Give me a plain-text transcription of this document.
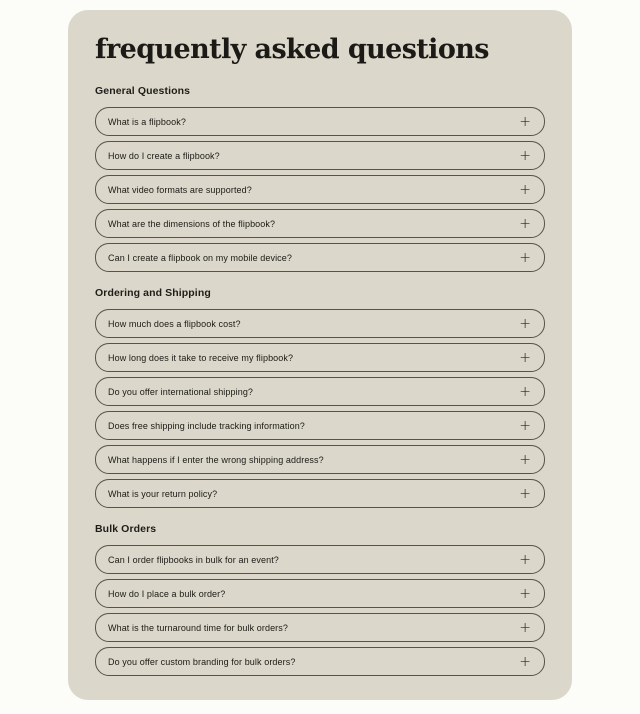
frequently asked questions
General Questions
What is a flipbook?	+
How do I create a flipbook?	+
What video formats are supported?	+
What are the dimensions of the flipbook?	+
Can I create a flipbook on my mobile device?	+
Ordering and Shipping
How much does a flipbook cost?	+
How long does it take to receive my flipbook?	+
Do you offer international shipping?	+
Does free shipping include tracking information?	+
What happens if I enter the wrong shipping address?	+
What is your return policy?	+
Bulk Orders
Can I order flipbooks in bulk for an event?	+
How do I place a bulk order?	+
What is the turnaround time for bulk orders?	+
Do you offer custom branding for bulk orders?	+
